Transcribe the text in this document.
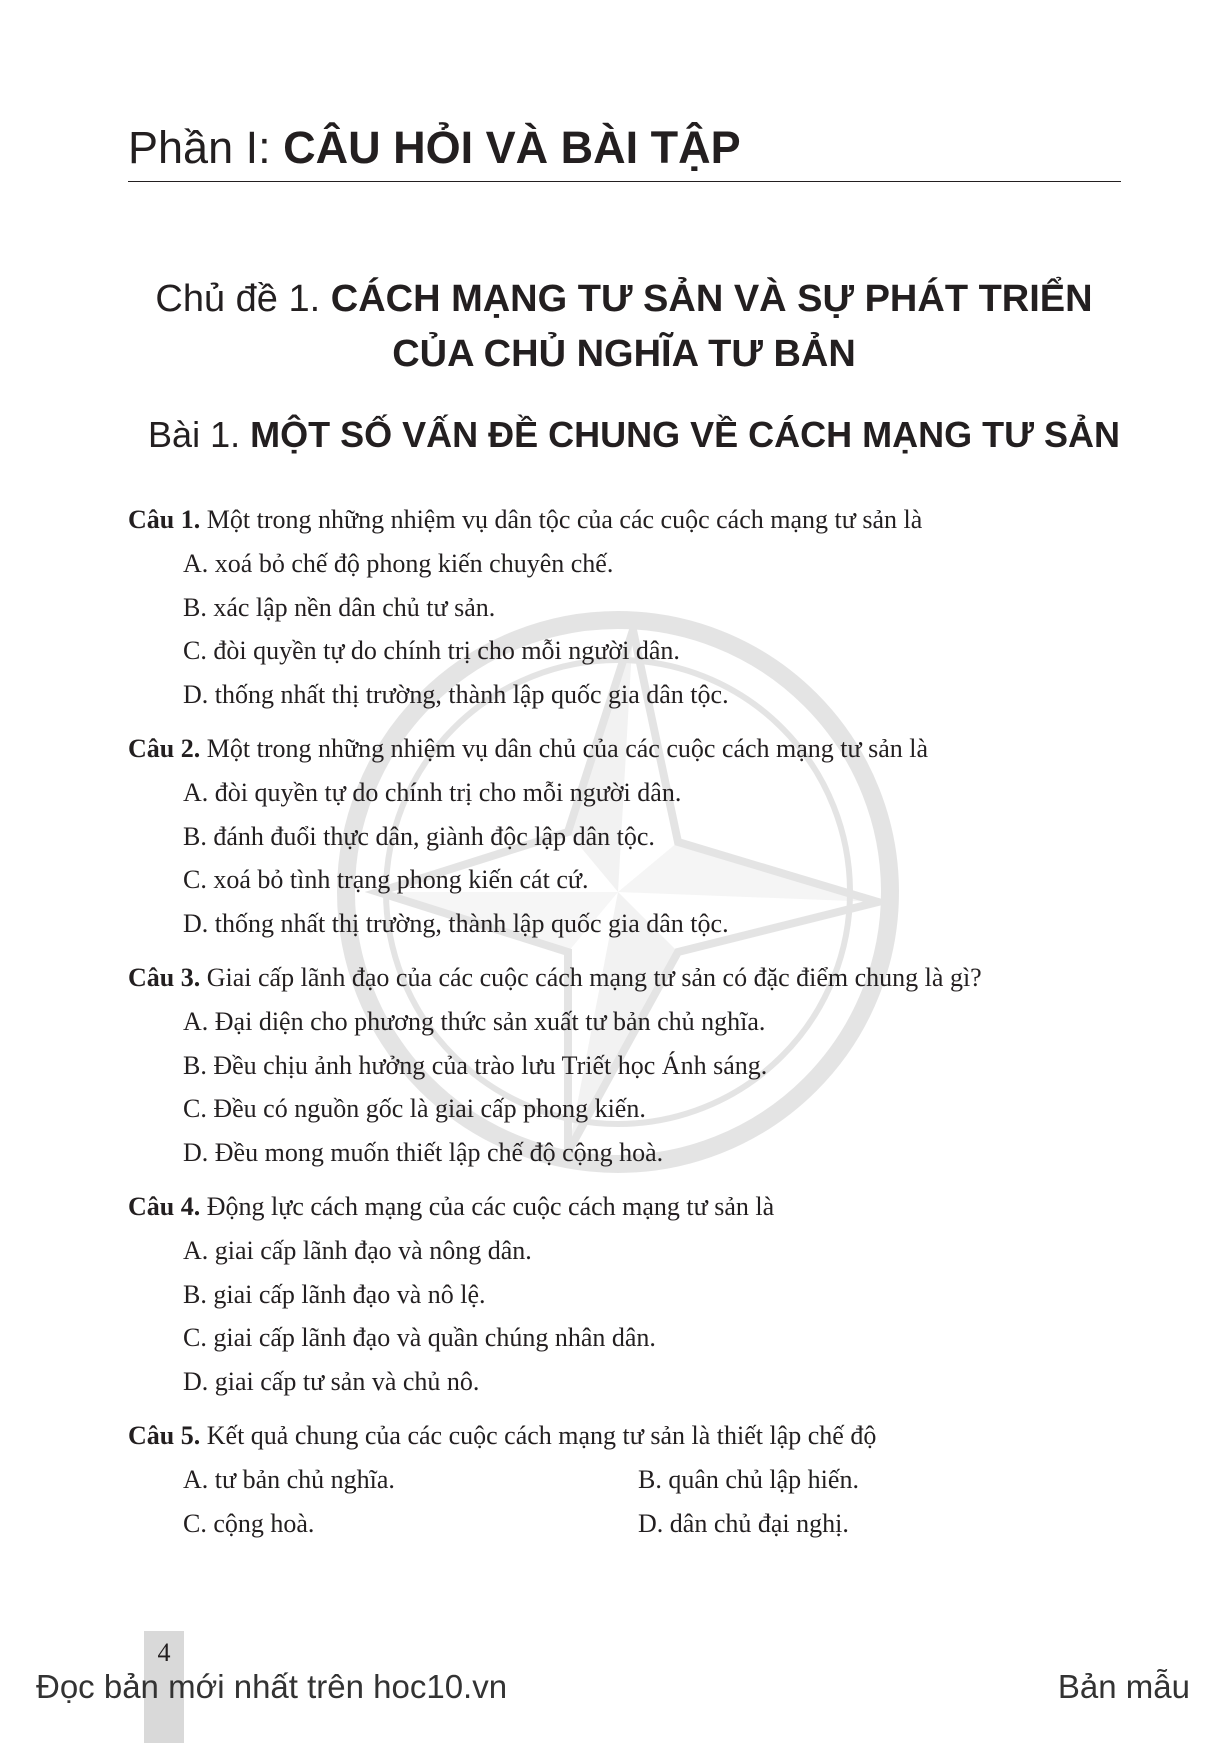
Phần I: CÂU HỎI VÀ BÀI TẬP
Chủ đề 1. CÁCH MẠNG TƯ SẢN VÀ SỰ PHÁT TRIỂN
CỦA CHỦ NGHĨA TƯ BẢN
Bài 1. MỘT SỐ VẤN ĐỀ CHUNG VỀ CÁCH MẠNG TƯ SẢN
Câu 1. Một trong những nhiệm vụ dân tộc của các cuộc cách mạng tư sản là
A. xoá bỏ chế độ phong kiến chuyên chế.
B. xác lập nền dân chủ tư sản.
C. đòi quyền tự do chính trị cho mỗi người dân.
D. thống nhất thị trường, thành lập quốc gia dân tộc.
Câu 2. Một trong những nhiệm vụ dân chủ của các cuộc cách mạng tư sản là
A. đòi quyền tự do chính trị cho mỗi người dân.
B. đánh đuổi thực dân, giành độc lập dân tộc.
C. xoá bỏ tình trạng phong kiến cát cứ.
D. thống nhất thị trường, thành lập quốc gia dân tộc.
Câu 3. Giai cấp lãnh đạo của các cuộc cách mạng tư sản có đặc điểm chung là gì?
A. Đại diện cho phương thức sản xuất tư bản chủ nghĩa.
B. Đều chịu ảnh hưởng của trào lưu Triết học Ánh sáng.
C. Đều có nguồn gốc là giai cấp phong kiến.
D. Đều mong muốn thiết lập chế độ cộng hoà.
Câu 4. Động lực cách mạng của các cuộc cách mạng tư sản là
A. giai cấp lãnh đạo và nông dân.
B. giai cấp lãnh đạo và nô lệ.
C. giai cấp lãnh đạo và quần chúng nhân dân.
D. giai cấp tư sản và chủ nô.
Câu 5. Kết quả chung của các cuộc cách mạng tư sản là thiết lập chế độ
A. tư bản chủ nghĩa.	B. quân chủ lập hiến.
C. cộng hoà.	D. dân chủ đại nghị.
4
Đọc bản mới nhất trên hoc10.vn	Bản mẫu
